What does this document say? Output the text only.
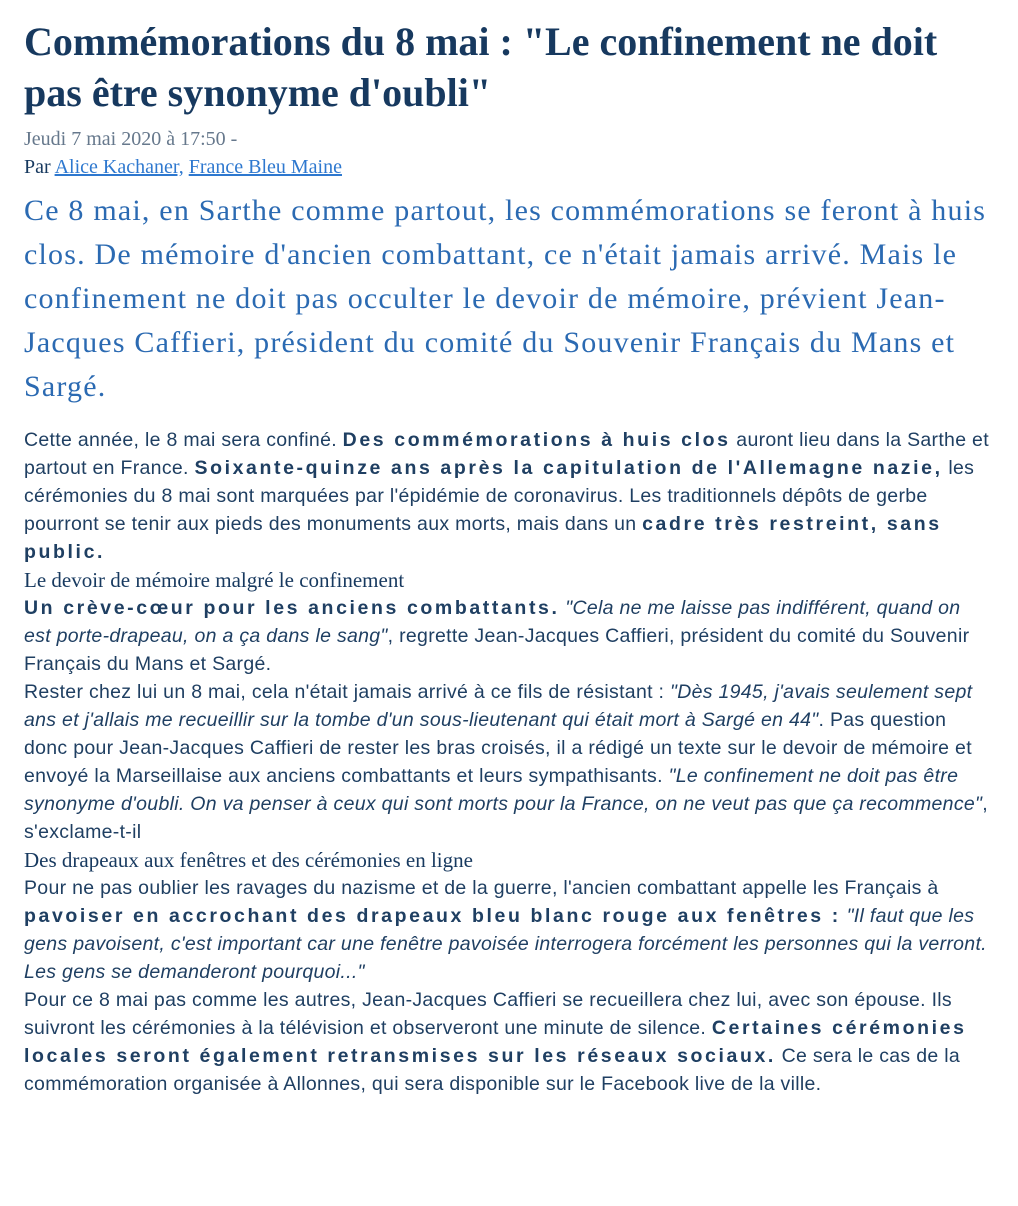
Commémorations du 8 mai : "Le confinement ne doit pas être synonyme d'oubli"
Jeudi 7 mai 2020 à 17:50 -
Par Alice Kachaner, France Bleu Maine
Ce 8 mai, en Sarthe comme partout, les commémorations se feront à huis clos. De mémoire d'ancien combattant, ce n'était jamais arrivé. Mais le confinement ne doit pas occulter le devoir de mémoire, prévient Jean-Jacques Caffieri, président du comité du Souvenir Français du Mans et Sargé.

Cette année, le 8 mai sera confiné. Des commémorations à huis clos auront lieu dans la Sarthe et partout en France. Soixante-quinze ans après la capitulation de l'Allemagne nazie, les cérémonies du 8 mai sont marquées par l'épidémie de coronavirus. Les traditionnels dépôts de gerbe pourront se tenir aux pieds des monuments aux morts, mais dans un cadre très restreint, sans public.

Le devoir de mémoire malgré le confinement

Un crève-cœur pour les anciens combattants. "Cela ne me laisse pas indifférent, quand on est porte-drapeau, on a ça dans le sang", regrette Jean-Jacques Caffieri, président du comité du Souvenir Français du Mans et Sargé.

Rester chez lui un 8 mai, cela n'était jamais arrivé à ce fils de résistant : "Dès 1945, j'avais seulement sept ans et j'allais me recueillir sur la tombe d'un sous-lieutenant qui était mort à Sargé en 44". Pas question donc pour Jean-Jacques Caffieri de rester les bras croisés, il a rédigé un texte sur le devoir de mémoire et envoyé la Marseillaise aux anciens combattants et leurs sympathisants. "Le confinement ne doit pas être synonyme d'oubli. On va penser à ceux qui sont morts pour la France, on ne veut pas que ça recommence", s'exclame-t-il

Des drapeaux aux fenêtres et des cérémonies en ligne

Pour ne pas oublier les ravages du nazisme et de la guerre, l'ancien combattant appelle les Français à pavoiser en accrochant des drapeaux bleu blanc rouge aux fenêtres : "Il faut que les gens pavoisent, c'est important car une fenêtre pavoisée interrogera forcément les personnes qui la verront. Les gens se demanderont pourquoi..."

Pour ce 8 mai pas comme les autres, Jean-Jacques Caffieri se recueillera chez lui, avec son épouse. Ils suivront les cérémonies à la télévision et observeront une minute de silence. Certaines cérémonies locales seront également retransmises sur les réseaux sociaux. Ce sera le cas de la commémoration organisée à Allonnes, qui sera disponible sur le Facebook live de la ville.
